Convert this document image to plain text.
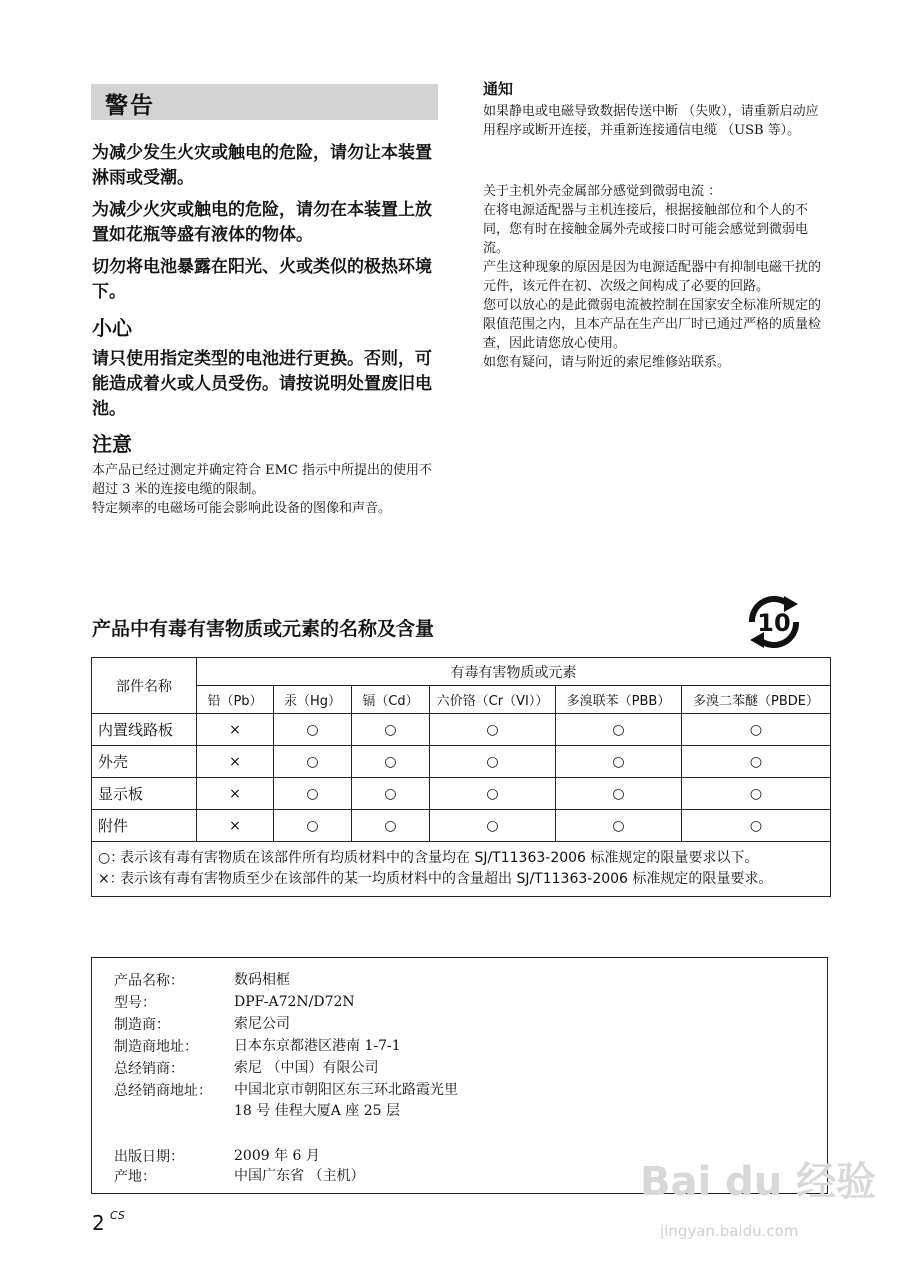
警告

为减少发生火灾或触电的危险，请勿让本装置淋雨或受潮。

为减少火灾或触电的危险，请勿在本装置上放置如花瓶等盛有液体的物体。

切勿将电池暴露在阳光、火或类似的极热环境下。

小心

请只使用指定类型的电池进行更换。否则，可能造成着火或人员受伤。请按说明处置废旧电池。

注意

本产品已经过测定并确定符合 EMC 指示中所提出的使用不超过 3 米的连接电缆的限制。

特定频率的电磁场可能会影响此设备的图像和声音。

通知

如果静电或电磁导致数据传送中断 （失败），请重新启动应用程序或断开连接，并重新连接通信电缆 （USB 等）。

关于主机外壳金属部分感觉到微弱电流 ：

在将电源适配器与主机连接后，根据接触部位和个人的不同，您有时在接触金属外壳或接口时可能会感觉到微弱电流。

产生这种现象的原因是因为电源适配器中有抑制电磁干扰的元件，该元件在初、次级之间构成了必要的回路。

您可以放心的是此微弱电流被控制在国家安全标准所规定的限值范围之内，且本产品在生产出厂时已通过严格的质量检查，因此请您放心使用。

如您有疑问，请与附近的索尼维修站联系。

产品中有毒有害物质或元素的名称及含量	10
部件名称	有毒有害物质或元素					
	铅（Pb）	汞（Hg）	镉（Cd）	六价铬（Cr（VI））	多溴联苯（PBB）	多溴二苯醚（PBDE）
内置线路板	×	○	○	○	○	○
外壳	×	○	○	○	○	○
显示板	×	○	○	○	○	○
附件	×	○	○	○	○	○

○：
表示该有毒有害物质在该部件所有均质材料中的含量均在 SJ/T11363-2006 标准规定的限量要求以下。
×：
表示该有毒有害物质至少在该部件的某一均质材料中的含量超出 SJ/T11363-2006 标准规定的限量要求。						
产品名称：	数码相框
型号：	DPF-A72N/D72N
制造商：	索尼公司
制造商地址：	日本东京都港区港南 1-7-1
总经销商：	索尼 （中国）有限公司
总经销商地址：	中国北京市朝阳区东三环北路霞光里 18 号 佳程大厦A 座 25 层
出版日期：	2009 年 6 月
产地：	中国广东省 （主机）
2 CS
Bai du 经验
jingyan.baidu.com
